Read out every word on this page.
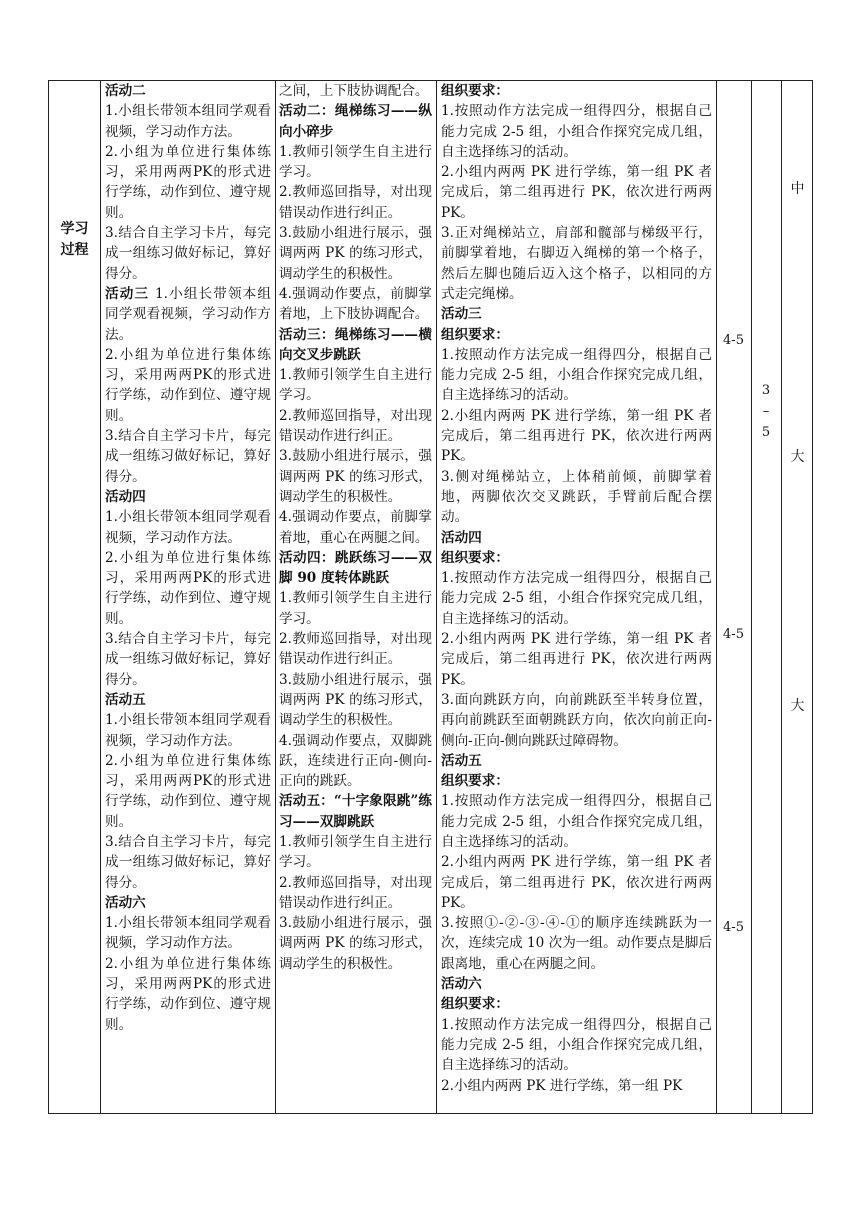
学习
过程

活动二

1.小组长带领本组同学观看视频，学习动作方法。

2.小组为单位进行集体练习，采用两两PK的形式进行学练，动作到位、遵守规则。

3.结合自主学习卡片，每完成一组练习做好标记，算好得分。

活动三 1.小组长带领本组同学观看视频，学习动作方法。

2.小组为单位进行集体练习，采用两两PK的形式进行学练，动作到位、遵守规则。

3.结合自主学习卡片，每完成一组练习做好标记，算好得分。

活动四

1.小组长带领本组同学观看视频，学习动作方法。

2.小组为单位进行集体练习，采用两两PK的形式进行学练，动作到位、遵守规则。

3.结合自主学习卡片，每完成一组练习做好标记，算好得分。

活动五

1.小组长带领本组同学观看视频，学习动作方法。

2.小组为单位进行集体练习，采用两两PK的形式进行学练，动作到位、遵守规则。

3.结合自主学习卡片，每完成一组练习做好标记，算好得分。

活动六

1.小组长带领本组同学观看视频，学习动作方法。

2.小组为单位进行集体练习，采用两两PK的形式进行学练，动作到位、遵守规则。

之间，上下肢协调配合。

活动二：绳梯练习——纵向小碎步

1.教师引领学生自主进行学习。

2.教师巡回指导，对出现错误动作进行纠正。

3.鼓励小组进行展示，强调两两 PK 的练习形式，调动学生的积极性。

4.强调动作要点，前脚掌着地，上下肢协调配合。

活动三：绳梯练习——横向交叉步跳跃

1.教师引领学生自主进行学习。

2.教师巡回指导，对出现错误动作进行纠正。

3.鼓励小组进行展示，强调两两 PK 的练习形式，调动学生的积极性。

4.强调动作要点，前脚掌着地，重心在两腿之间。

活动四：跳跃练习——双脚 90 度转体跳跃

1.教师引领学生自主进行学习。

2.教师巡回指导，对出现错误动作进行纠正。

3.鼓励小组进行展示，强调两两 PK 的练习形式，调动学生的积极性。

4.强调动作要点，双脚跳跃，连续进行正向-侧向-正向的跳跃。

活动五：“十字象限跳”练习——双脚跳跃

1.教师引领学生自主进行学习。

2.教师巡回指导，对出现错误动作进行纠正。

3.鼓励小组进行展示，强调两两 PK 的练习形式，调动学生的积极性。

组织要求：

1.按照动作方法完成一组得四分，根据自己能力完成 2-5 组，小组合作探究完成几组，自主选择练习的活动。

2.小组内两两 PK 进行学练，第一组 PK 者完成后，第二组再进行 PK，依次进行两两 PK。

3.正对绳梯站立，肩部和髋部与梯级平行，前脚掌着地，右脚迈入绳梯的第一个格子，然后左脚也随后迈入这个格子，以相同的方式走完绳梯。

活动三

组织要求：

1.按照动作方法完成一组得四分，根据自己能力完成 2-5 组，小组合作探究完成几组，自主选择练习的活动。

2.小组内两两 PK 进行学练，第一组 PK 者完成后，第二组再进行 PK，依次进行两两 PK。

3.侧对绳梯站立，上体稍前倾，前脚掌着地，两脚依次交叉跳跃，手臂前后配合摆动。

活动四

组织要求：

1.按照动作方法完成一组得四分，根据自己能力完成 2-5 组，小组合作探究完成几组，自主选择练习的活动。

2.小组内两两 PK 进行学练，第一组 PK 者完成后，第二组再进行 PK，依次进行两两 PK。

3.面向跳跃方向，向前跳跃至半转身位置，再向前跳跃至面朝跳跃方向，依次向前正向-侧向-正向-侧向跳跃过障碍物。

活动五

组织要求：

1.按照动作方法完成一组得四分，根据自己能力完成 2-5 组，小组合作探究完成几组，自主选择练习的活动。

2.小组内两两 PK 进行学练，第一组 PK 者完成后，第二组再进行 PK，依次进行两两 PK。

3.按照①-②-③-④-①的顺序连续跳跃为一次，连续完成 10 次为一组。动作要点是脚后跟离地，重心在两腿之间。

活动六

组织要求：

1.按照动作方法完成一组得四分，根据自己能力完成 2-5 组，小组合作探究完成几组，自主选择练习的活动。

2.小组内两两 PK 进行学练，第一组 PK

4-5
4-5
4-5
3
–
5
中
大
大
